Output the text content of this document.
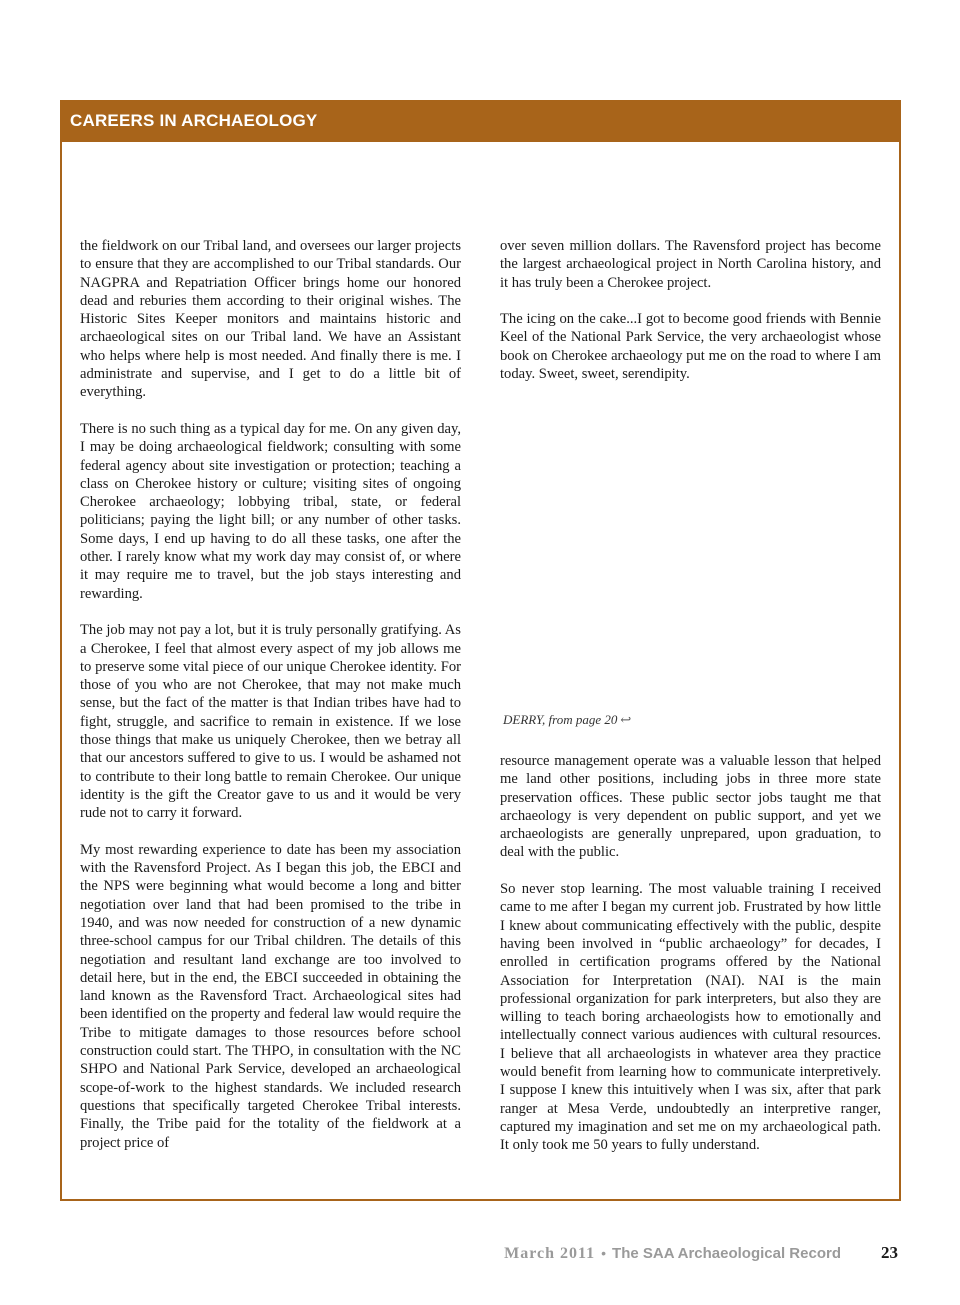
CAREERS IN ARCHAEOLOGY

the fieldwork on our Tribal land, and oversees our larger projects to ensure that they are accomplished to our Tribal standards. Our NAGPRA and Repatriation Officer brings home our honored dead and reburies them according to their original wishes. The Historic Sites Keeper monitors and maintains historic and archaeological sites on our Tribal land. We have an Assistant who helps where help is most needed. And finally there is me. I administrate and supervise, and I get to do a little bit of everything.

There is no such thing as a typical day for me. On any given day, I may be doing archaeological fieldwork; consulting with some federal agency about site investigation or protection; teaching a class on Cherokee history or culture; visiting sites of ongoing Cherokee archaeology; lobbying tribal, state, or federal politicians; paying the light bill; or any number of other tasks. Some days, I end up having to do all these tasks, one after the other. I rarely know what my work day may consist of, or where it may require me to travel, but the job stays interesting and rewarding.

The job may not pay a lot, but it is truly personally gratifying. As a Cherokee, I feel that almost every aspect of my job allows me to preserve some vital piece of our unique Cherokee identity. For those of you who are not Cherokee, that may not make much sense, but the fact of the matter is that Indian tribes have had to fight, struggle, and sacrifice to remain in existence. If we lose those things that make us uniquely Cherokee, then we betray all that our ancestors suffered to give to us. I would be ashamed not to contribute to their long battle to remain Cherokee. Our unique identity is the gift the Creator gave to us and it would be very rude not to carry it forward.

My most rewarding experience to date has been my association with the Ravensford Project. As I began this job, the EBCI and the NPS were beginning what would become a long and bitter negotiation over land that had been promised to the tribe in 1940, and was now needed for construction of a new dynamic three-school campus for our Tribal children. The details of this negotiation and resultant land exchange are too involved to detail here, but in the end, the EBCI succeeded in obtaining the land known as the Ravensford Tract. Archaeological sites had been identified on the property and federal law would require the Tribe to mitigate damages to those resources before school construction could start. The THPO, in consultation with the NC SHPO and National Park Service, developed an archaeological scope-of-work to the highest standards. We included research questions that specifically targeted Cherokee Tribal interests. Finally, the Tribe paid for the totality of the fieldwork at a project price of

over seven million dollars. The Ravensford project has become the largest archaeological project in North Carolina history, and it has truly been a Cherokee project.

The icing on the cake...I got to become good friends with Bennie Keel of the National Park Service, the very archaeologist whose book on Cherokee archaeology put me on the road to where I am today. Sweet, sweet, serendipity.

DERRY, from page 20 ↩

resource management operate was a valuable lesson that helped me land other positions, including jobs in three more state preservation offices. These public sector jobs taught me that archaeology is very dependent on public support, and yet we archaeologists are generally unprepared, upon graduation, to deal with the public.

So never stop learning. The most valuable training I received came to me after I began my current job. Frustrated by how little I knew about communicating effectively with the public, despite having been involved in “public archaeology” for decades, I enrolled in certification programs offered by the National Association for Interpretation (NAI). NAI is the main professional organization for park interpreters, but also they are willing to teach boring archaeologists how to emotionally and intellectually connect various audiences with cultural resources. I believe that all archaeologists in whatever area they practice would benefit from learning how to communicate interpretively. I suppose I knew this intuitively when I was six, after that park ranger at Mesa Verde, undoubtedly an interpretive ranger, captured my imagination and set me on my archaeological path. It only took me 50 years to fully understand.

March 2011 • The SAA Archaeological Record 23
